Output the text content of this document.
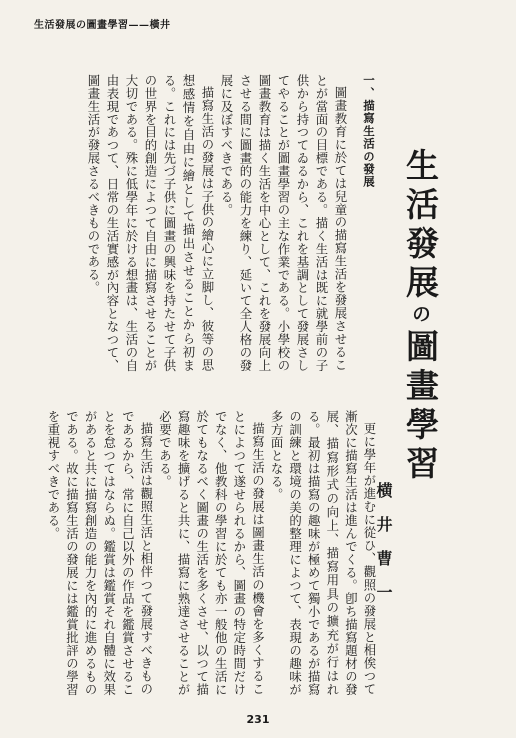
生活發展の圖畫學習——橫井
一、描寫生活の發展

圖畫教育に於ては兒童の描寫生活を發展させることが當面の目標である。描く生活は既に就學前の子供から持つてゐるから、これを基調として發展さしてやることが圖畫學習の主な作業である。小學校の圖畫教育は描く生活を中心として、これを發展向上させる間に圖畫的の能力を練り、延いて全人格の發展に及ぼすべきである。

描寫生活の發展は子供の繪心に立脚し、彼等の思想感情を自由に繪として描出させることから初まる。これには先づ子供に圖畫の興味を持たせて子供の世界を目的創造によつて自由に描寫させることが大切である。殊に低學年に於ける想畫は、生活の自由表現であつて、日常の生活實感が內容となつて、圖畫生活が發展さるべきものである。	生活發展の圖畫學習
横井曹一

更に學年が進むに從ひ、觀照の發展と相俟つて漸次に描寫生活は進んでくる。卽ち描寫題材の發展、描寫形式の向上、描寫用具の擴充が行はれる。最初は描寫の趣味が極めて獨小であるが描寫の訓練と環境の美的整理によつて、表現の趣味が多方面となる。

描寫生活の發展は圖畫生活の機會を多くすることによつて遂せられるから、圖畫の特定時間だけでなく、他教科の學習に於ても亦一般他の生活に於てもなるべく圖畫の生活を多くさせ、以つて描寫趣味を擴げると共に、描寫に熟達させることが必要である。

描寫生活は觀照生活と相伴つて發展すべきものであるから、常に自己以外の作品を鑑賞させることを怠つてはならぬ。鑑賞は鑑賞それ自體に效果があると共に描寫創造の能力を內的に進めるものである。故に描寫生活の發展には鑑賞批評の學習を重視すべきである。

231
